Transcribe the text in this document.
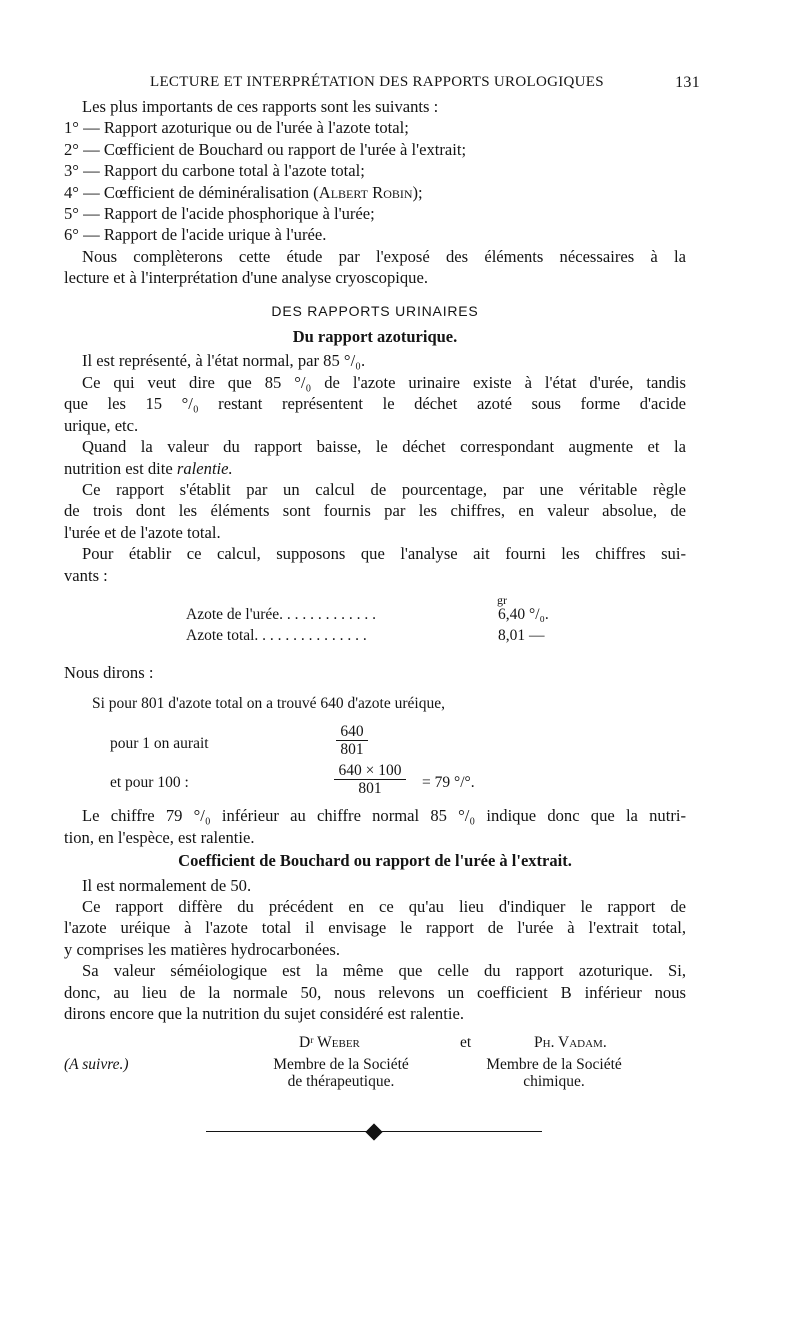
LECTURE ET INTERPRÉTATION DES RAPPORTS UROLOGIQUES	131
Les plus importants de ces rapports sont les suivants :
1° — Rapport azoturique ou de l'urée à l'azote total;
2° — Cœfficient de Bouchard ou rapport de l'urée à l'extrait;
3° — Rapport du carbone total à l'azote total;
4° — Cœfficient de déminéralisation (Albert Robin);
5° — Rapport de l'acide phosphorique à l'urée;
6° — Rapport de l'acide urique à l'urée.
Nous complèterons cette étude par l'exposé des éléments nécessaires à la
lecture et à l'interprétation d'une analyse cryoscopique.
DES RAPPORTS URINAIRES
Du rapport azoturique.
Il est représenté, à l'état normal, par 85 °/₀.
Ce qui veut dire que 85 °/₀ de l'azote urinaire existe à l'état d'urée, tandis
que les 15 °/₀ restant représentent le déchet azoté sous forme d'acide
urique, etc.
Quand la valeur du rapport baisse, le déchet correspondant augmente et la
nutrition est dite ralentie.
Ce rapport s'établit par un calcul de pourcentage, par une véritable règle
de trois dont les éléments sont fournis par les chiffres, en valeur absolue, de
l'urée et de l'azote total.
Pour établir ce calcul, supposons que l'analyse ait fourni les chiffres sui-
vants :
gr
Azote de l'urée. . . . . . . . . . . . .	6,40 °/₀.
Azote total. . . . . . . . . . . . . . .	8,01 —
Nous dirons :
Si pour 801 d'azote total on a trouvé 640 d'azote uréique,
pour 1 on aurait	$\frac{640}{801}$
et pour 100 :	$\frac{640 \times 100}{801} = 79$ °/°.
Le chiffre 79 °/₀ inférieur au chiffre normal 85 °/₀ indique donc que la nutri-
tion, en l'espèce, est ralentie.
Coefficient de Bouchard ou rapport de l'urée à l'extrait.
Il est normalement de 50.
Ce rapport diffère du précédent en ce qu'au lieu d'indiquer le rapport de
l'azote uréique à l'azote total il envisage le rapport de l'urée à l'extrait total,
y comprises les matières hydrocarbonées.
Sa valeur séméiologique est la même que celle du rapport azoturique. Si,
donc, au lieu de la normale 50, nous relevons un coefficient B inférieur nous
dirons encore que la nutrition du sujet considéré est ralentie.
Dʳ Weber	et	Ph. Vadam.
(A suivre.)	Membre de la Société
de thérapeutique.
Membre de la Société
chimique.
